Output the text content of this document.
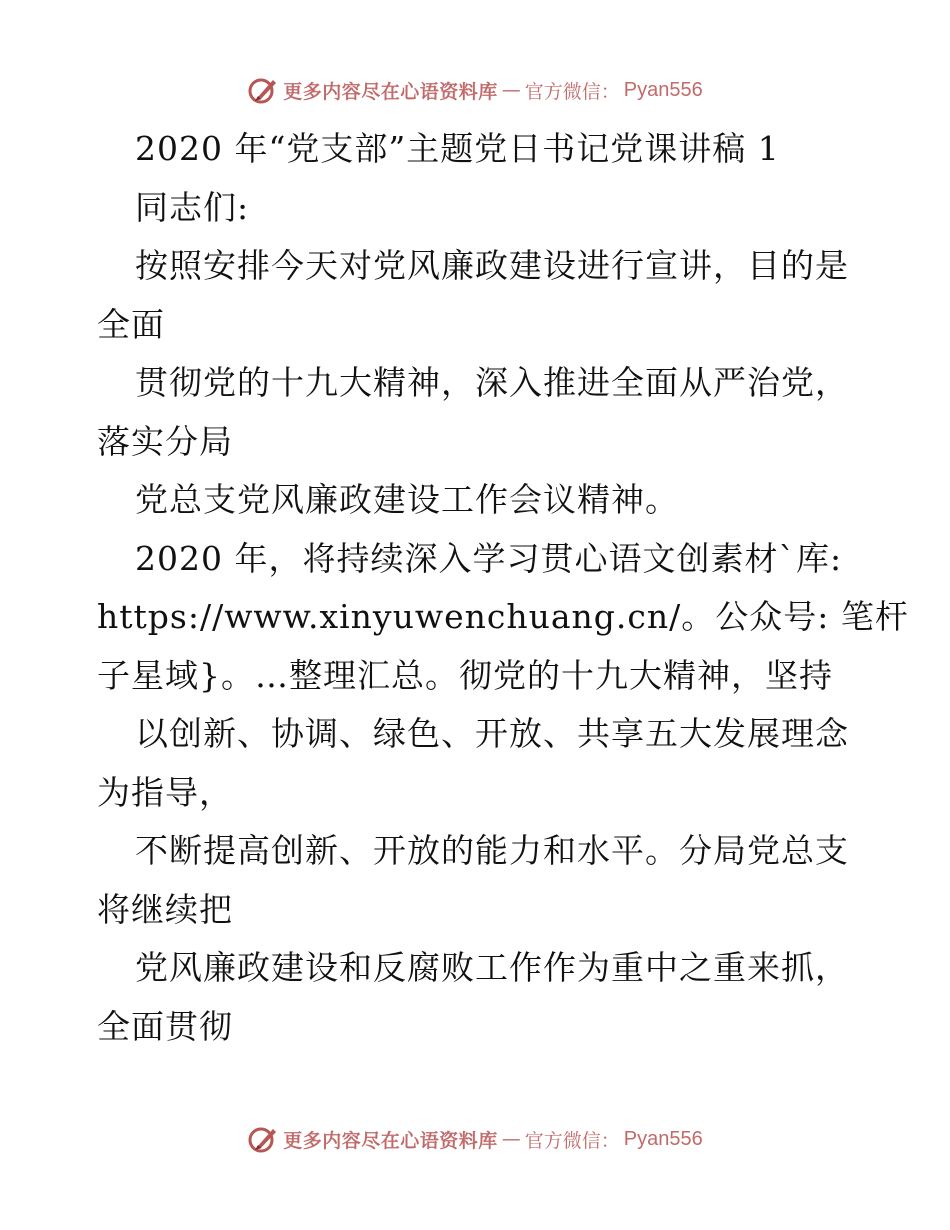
更多内容尽在心语资料库 — 官方微信： Pyan556
2020 年“党支部”主题党日书记党课讲稿 1
同志们:
按照安排今天对党风廉政建设进行宣讲，目的是
全面
贯彻党的十九大精神，深入推进全面从严治党，
落实分局
党总支党风廉政建设工作会议精神。
2020 年，将持续深入学习贯心语文创素材`库:
https://www.xinyuwenchuang.cn/。公众号: 笔杆
子星域}。…整理汇总。彻党的十九大精神，坚持
以创新、协调、绿色、开放、共享五大发展理念
为指导，
不断提高创新、开放的能力和水平。分局党总支
将继续把
党风廉政建设和反腐败工作作为重中之重来抓，
全面贯彻
更多内容尽在心语资料库 — 官方微信： Pyan556
